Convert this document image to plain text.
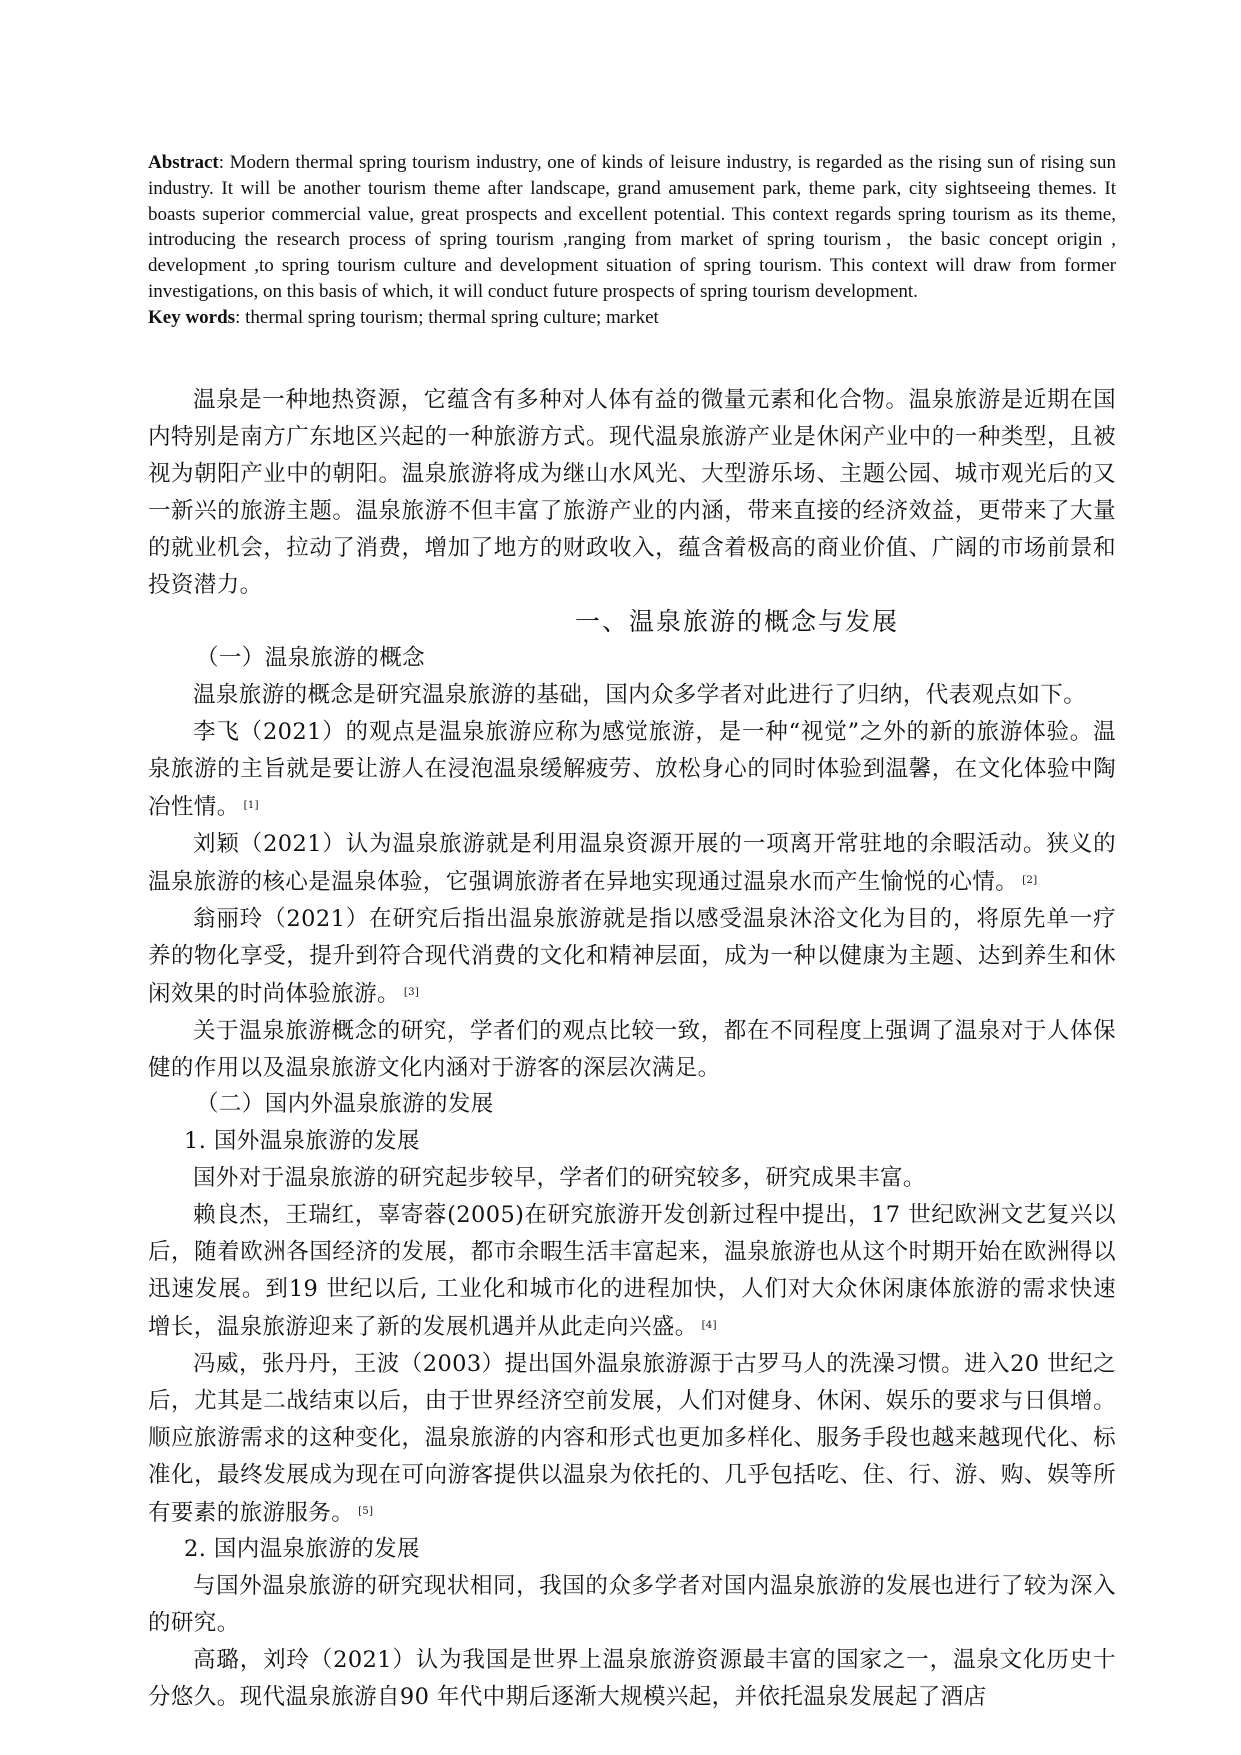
Abstract: Modern thermal spring tourism industry, one of kinds of leisure industry, is regarded as the rising sun of rising sun industry. It will be another tourism theme after landscape, grand amusement park, theme park, city sightseeing themes. It boasts superior commercial value, great prospects and excellent potential. This context regards spring tourism as its theme, introducing the research process of spring tourism ,ranging from market of spring tourism，the basic concept origin , development ,to spring tourism culture and development situation of spring tourism. This context will draw from former investigations, on this basis of which, it will conduct future prospects of spring tourism development.
Key words: thermal spring tourism; thermal spring culture; market

温泉是一种地热资源，它蕴含有多种对人体有益的微量元素和化合物。温泉旅游是近期在国内特别是南方广东地区兴起的一种旅游方式。现代温泉旅游产业是休闲产业中的一种类型，且被视为朝阳产业中的朝阳。温泉旅游将成为继山水风光、大型游乐场、主题公园、城市观光后的又一新兴的旅游主题。温泉旅游不但丰富了旅游产业的内涵，带来直接的经济效益，更带来了大量的就业机会，拉动了消费，增加了地方的财政收入，蕴含着极高的商业价值、广阔的市场前景和投资潜力。

一、温泉旅游的概念与发展
（一）温泉旅游的概念

温泉旅游的概念是研究温泉旅游的基础，国内众多学者对此进行了归纳，代表观点如下。

李飞（2021）的观点是温泉旅游应称为感觉旅游，是一种“视觉”之外的新的旅游体验。温泉旅游的主旨就是要让游人在浸泡温泉缓解疲劳、放松身心的同时体验到温馨，在文化体验中陶冶性情。 [1]

刘颖（2021）认为温泉旅游就是利用温泉资源开展的一项离开常驻地的余暇活动。狭义的温泉旅游的核心是温泉体验，它强调旅游者在异地实现通过温泉水而产生愉悦的心情。 [2]

翁丽玲（2021）在研究后指出温泉旅游就是指以感受温泉沐浴文化为目的，将原先单一疗养的物化享受，提升到符合现代消费的文化和精神层面，成为一种以健康为主题、达到养生和休闲效果的时尚体验旅游。 [3]

关于温泉旅游概念的研究，学者们的观点比较一致，都在不同程度上强调了温泉对于人体保健的作用以及温泉旅游文化内涵对于游客的深层次满足。

（二）国内外温泉旅游的发展
1. 国外温泉旅游的发展

国外对于温泉旅游的研究起步较早，学者们的研究较多，研究成果丰富。

赖良杰，王瑞红，辜寄蓉(2005)在研究旅游开发创新过程中提出，17 世纪欧洲文艺复兴以后，随着欧洲各国经济的发展，都市余暇生活丰富起来，温泉旅游也从这个时期开始在欧洲得以迅速发展。到19 世纪以后, 工业化和城市化的进程加快，人们对大众休闲康体旅游的需求快速增长，温泉旅游迎来了新的发展机遇并从此走向兴盛。 [4]

冯威，张丹丹，王波（2003）提出国外温泉旅游源于古罗马人的洗澡习惯。进入20 世纪之后，尤其是二战结束以后，由于世界经济空前发展，人们对健身、休闲、娱乐的要求与日俱增。顺应旅游需求的这种变化，温泉旅游的内容和形式也更加多样化、服务手段也越来越现代化、标准化，最终发展成为现在可向游客提供以温泉为依托的、几乎包括吃、住、行、游、购、娱等所有要素的旅游服务。 [5]

2. 国内温泉旅游的发展

与国外温泉旅游的研究现状相同，我国的众多学者对国内温泉旅游的发展也进行了较为深入的研究。

高璐，刘玲（2021）认为我国是世界上温泉旅游资源最丰富的国家之一，温泉文化历史十分悠久。现代温泉旅游自90 年代中期后逐渐大规模兴起，并依托温泉发展起了酒店
